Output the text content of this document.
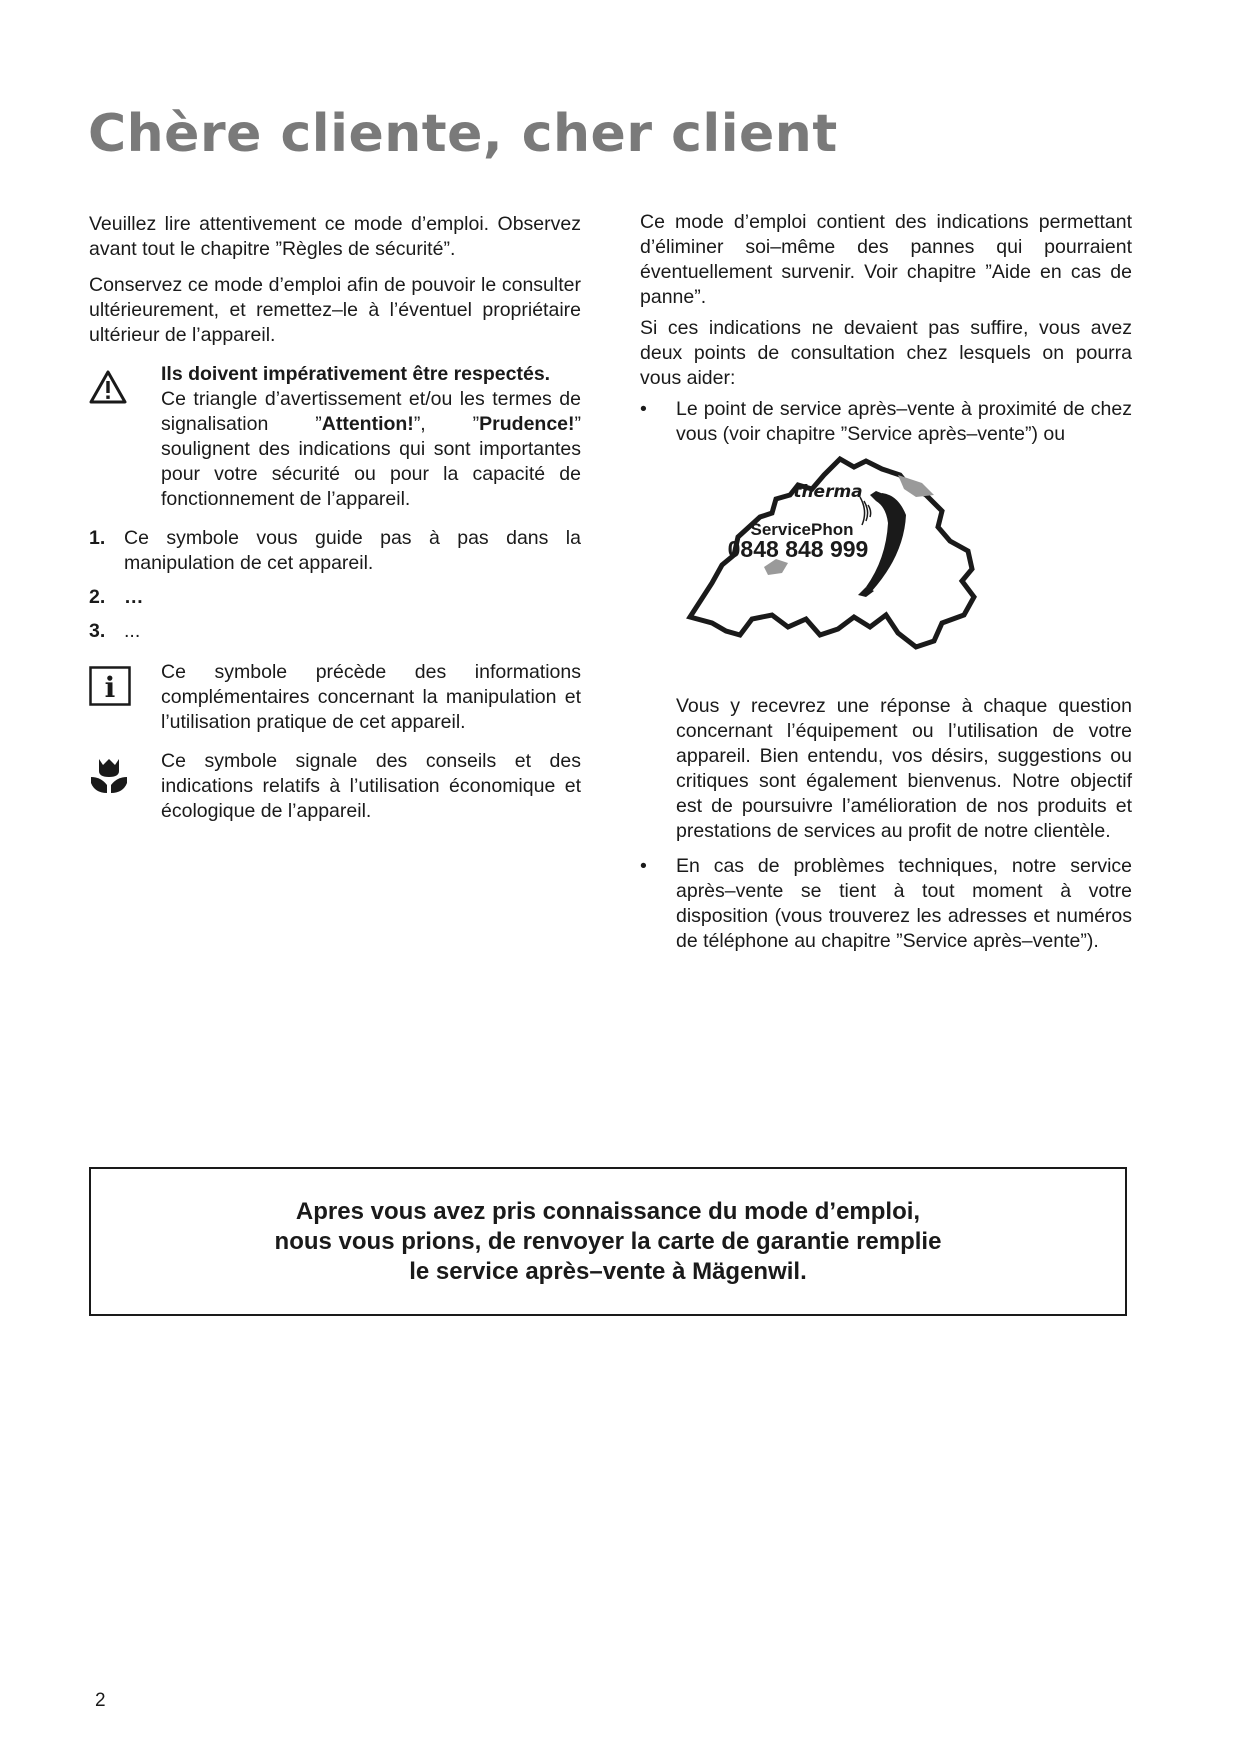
Chère cliente, cher client

Veuillez lire attentivement ce mode d’emploi. Observez avant tout le chapitre ”Règles de sécurité”.

Conservez ce mode d’emploi afin de pouvoir le consulter ultérieurement, et remettez–le à l’éventuel propriétaire ultérieur de l’appareil.

Ils doivent impérativement être respectés.
Ce triangle d’avertissement et/ou les termes de signalisation ”Attention!”, ”Prudence!” soulignent des indications qui sont importantes pour votre sécurité ou pour la capacité de fonctionnement de l’appareil.

1. Ce symbole vous guide pas à pas dans la manipulation de cet appareil.

2. …

3. ...

i Ce symbole précède des informations complémentaires concernant la manipulation et l’utilisation pratique de cet appareil.

Ce symbole signale des conseils et des indications relatifs à l’utilisation économique et écologique de l’appareil.

Ce mode d’emploi contient des indications permettant d’éliminer soi–même des pannes qui pourraient éventuellement survenir. Voir chapitre ”Aide en cas de panne”.

Si ces indications ne devaient pas suffire, vous avez deux points de consultation chez lesquels on pourra vous aider:

• Le point de service après–vente à proximité de chez vous (voir chapitre ”Service après–vente”) ou

therma
ServicePhon
0848 848 999

Vous y recevrez une réponse à chaque question concernant l’équipement ou l’utilisation de votre appareil. Bien entendu, vos désirs, suggestions ou critiques sont également bienvenus. Notre objectif est de poursuivre l’amélioration de nos produits et prestations de services au profit de notre clientèle.

• En cas de problèmes techniques, notre service après–vente se tient à tout moment à votre disposition (vous trouverez les adresses et numéros de téléphone au chapitre ”Service après–vente”).

Apres vous avez pris connaissance du mode d’emploi,
nous vous prions, de renvoyer la carte de garantie remplie
le service après–vente à Mägenwil.
2
